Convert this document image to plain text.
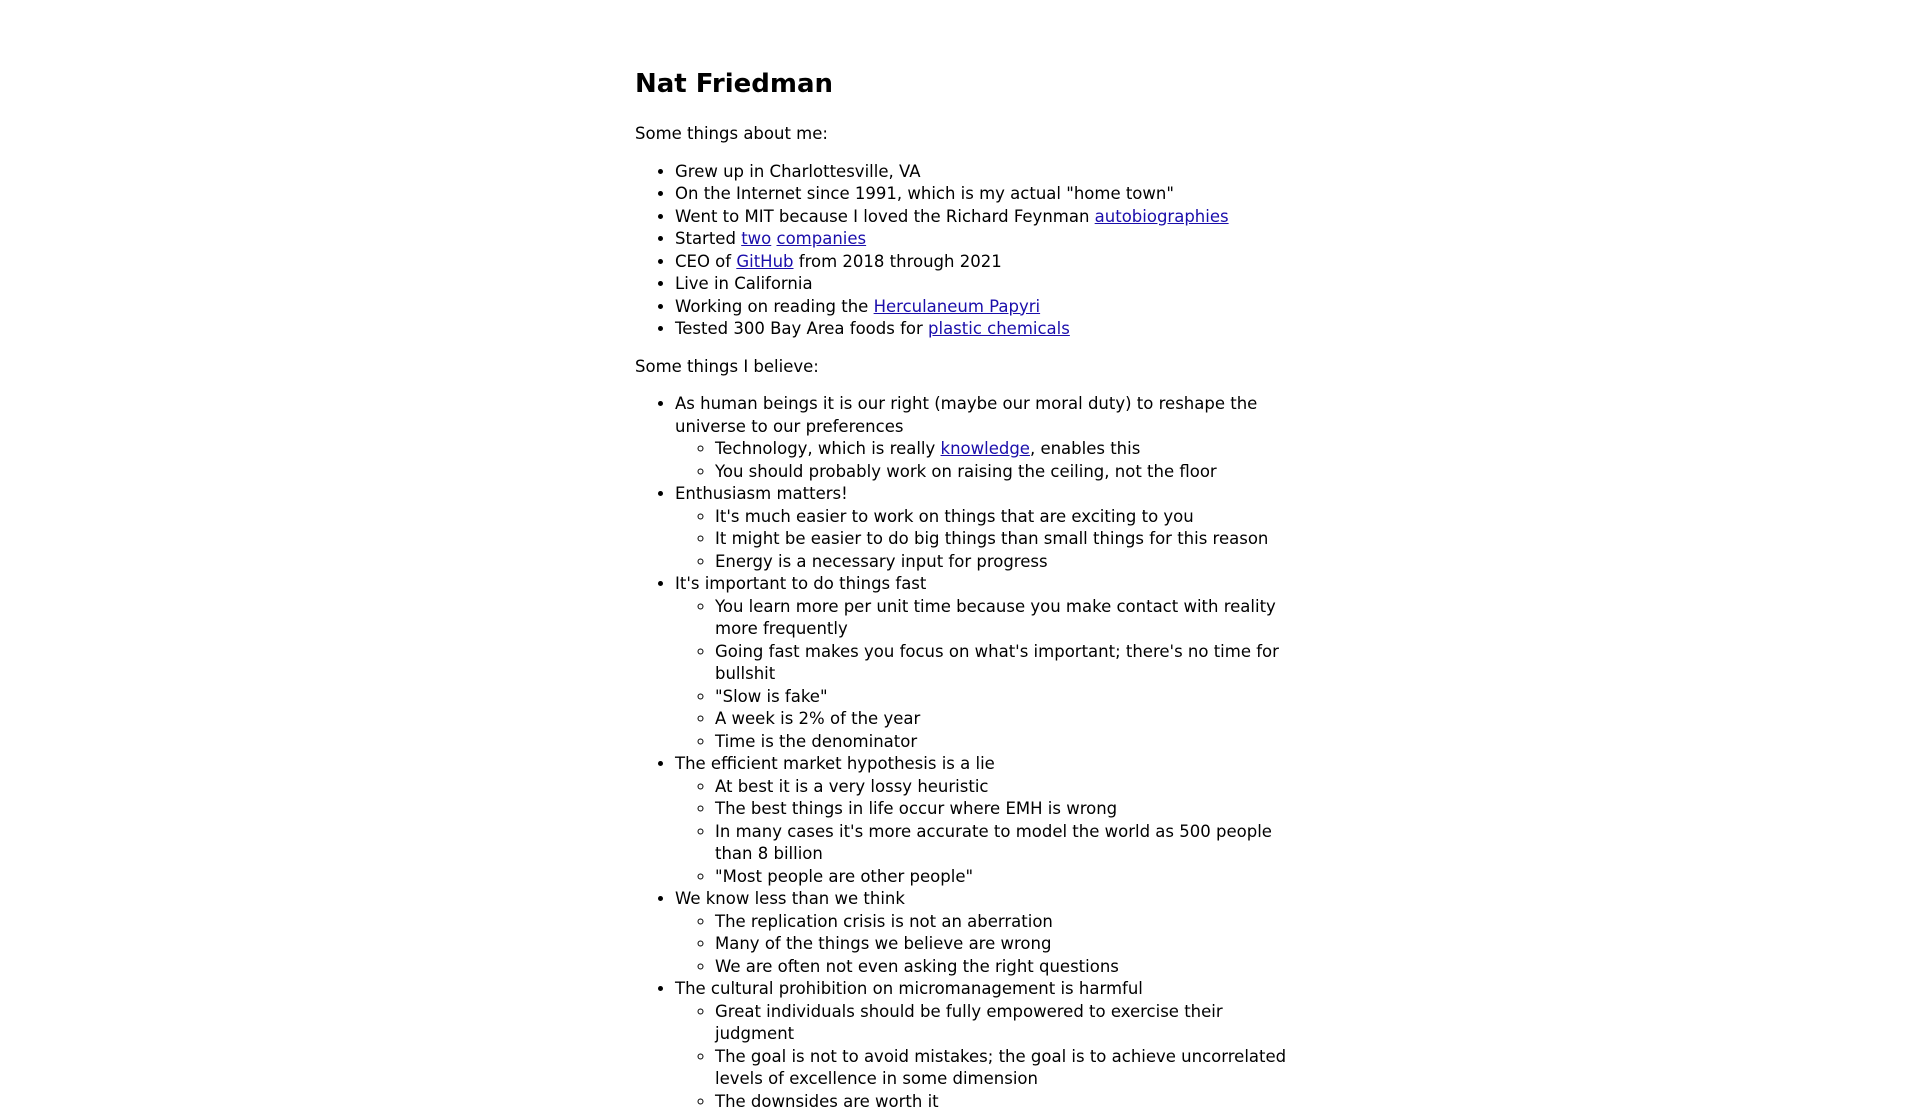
Nat Friedman

Some things about me:

• Grew up in Charlottesville, VA
• On the Internet since 1991, which is my actual "home town"
• Went to MIT because I loved the Richard Feynman autobiographies
• Started two companies
• CEO of GitHub from 2018 through 2021
• Live in California
• Working on reading the Herculaneum Papyri
• Tested 300 Bay Area foods for plastic chemicals

Some things I believe:

• As human beings it is our right (maybe our moral duty) to reshape the universe to our preferences
◦ Technology, which is really knowledge, enables this
◦ You should probably work on raising the ceiling, not the floor
• Enthusiasm matters!
◦ It's much easier to work on things that are exciting to you
◦ It might be easier to do big things than small things for this reason
◦ Energy is a necessary input for progress
• It's important to do things fast
◦ You learn more per unit time because you make contact with reality more frequently
◦ Going fast makes you focus on what's important; there's no time for bullshit
◦ "Slow is fake"
◦ A week is 2% of the year
◦ Time is the denominator
• The efficient market hypothesis is a lie
◦ At best it is a very lossy heuristic
◦ The best things in life occur where EMH is wrong
◦ In many cases it's more accurate to model the world as 500 people than 8 billion
◦ "Most people are other people"
• We know less than we think
◦ The replication crisis is not an aberration
◦ Many of the things we believe are wrong
◦ We are often not even asking the right questions
• The cultural prohibition on micromanagement is harmful
◦ Great individuals should be fully empowered to exercise their judgment
◦ The goal is not to avoid mistakes; the goal is to achieve uncorrelated levels of excellence in some dimension
◦ The downsides are worth it
